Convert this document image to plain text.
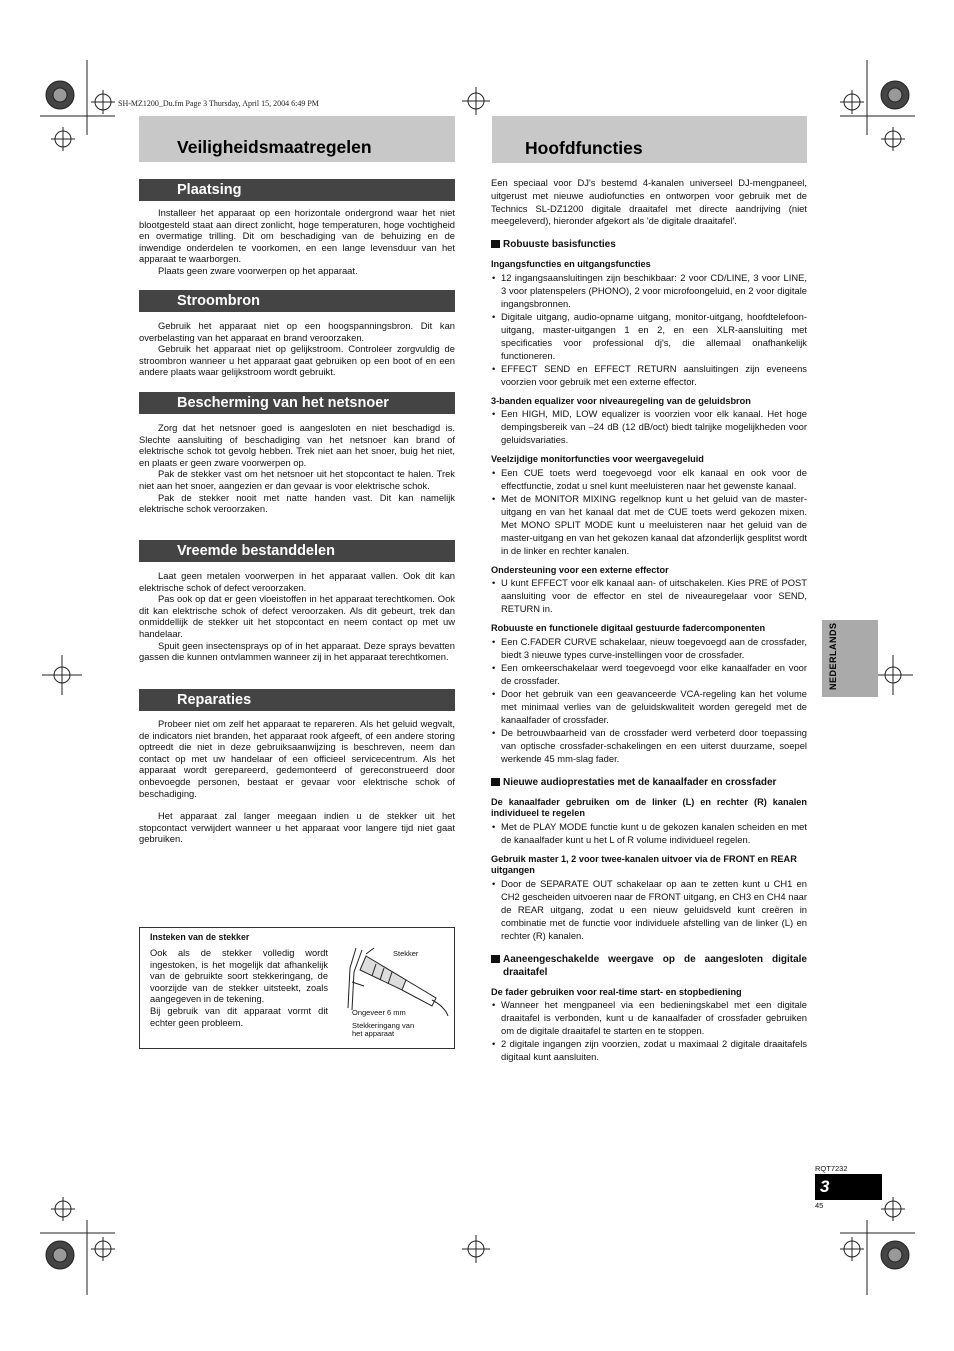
SH-MZ1200_Du.fm Page 3 Thursday, April 15, 2004 6:49 PM
Veiligheidsmaatregelen
Plaatsing

Installeer het apparaat op een horizontale ondergrond waar het niet blootgesteld staat aan direct zonlicht, hoge temperaturen, hoge vochtigheid en overmatige trilling. Dit om beschadiging van de behuizing en de inwendige onderdelen te voorkomen, en een lange levensduur van het apparaat te waarborgen.

Plaats geen zware voorwerpen op het apparaat.

Stroombron

Gebruik het apparaat niet op een hoogspanningsbron. Dit kan overbelasting van het apparaat en brand veroorzaken.

Gebruik het apparaat niet op gelijkstroom. Controleer zorgvuldig de stroombron wanneer u het apparaat gaat gebruiken op een boot of en een andere plaats waar gelijkstroom wordt gebruikt.

Bescherming van het netsnoer

Zorg dat het netsnoer goed is aangesloten en niet beschadigd is. Slechte aansluiting of beschadiging van het netsnoer kan brand of elektrische schok tot gevolg hebben. Trek niet aan het snoer, buig het niet, en plaats er geen zware voorwerpen op.

Pak de stekker vast om het netsnoer uit het stopcontact te halen. Trek niet aan het snoer, aangezien er dan gevaar is voor elektrische schok.

Pak de stekker nooit met natte handen vast. Dit kan namelijk elektrische schok veroorzaken.

Vreemde bestanddelen

Laat geen metalen voorwerpen in het apparaat vallen. Ook dit kan elektrische schok of defect veroorzaken.

Pas ook op dat er geen vloeistoffen in het apparaat terechtkomen. Ook dit kan elektrische schok of defect veroorzaken. Als dit gebeurt, trek dan onmiddellijk de stekker uit het stopcontact en neem contact op met uw handelaar.

Spuit geen insectensprays op of in het apparaat. Deze sprays bevatten gassen die kunnen ontvlammen wanneer zij in het apparaat terechtkomen.

Reparaties

Probeer niet om zelf het apparaat te repareren. Als het geluid wegvalt, de indicators niet branden, het apparaat rook afgeeft, of een andere storing optreedt die niet in deze gebruiksaanwijzing is beschreven, neem dan contact op met uw handelaar of een officieel servicecentrum. Als het apparaat wordt gerepareerd, gedemonteerd of gereconstrueerd door onbevoegde personen, bestaat er gevaar voor elektrische schok of beschadiging.

Het apparaat zal langer meegaan indien u de stekker uit het stopcontact verwijdert wanneer u het apparaat voor langere tijd niet gaat gebruiken.

Insteken van de stekker

Ook als de stekker volledig wordt ingestoken, is het mogelijk dat afhankelijk van de gebruikte soort stekkeringang, de voorzijde van de stekker uitsteekt, zoals aangegeven in de tekening.

Bij gebruik van dit apparaat vormt dit echter geen probleem.

Stekker
Ongeveer 6 mm
Stekkeringang van
het apparaat
Hoofdfuncties

Een speciaal voor DJ's bestemd 4-kanalen universeel DJ-mengpaneel, uitgerust met nieuwe audiofuncties en ontworpen voor gebruik met de Technics SL-DZ1200 digitale draaitafel met directe aandrijving (niet meegeleverd), hieronder afgekort als 'de digitale draaitafel'.

Robuuste basisfuncties
Ingangsfuncties en uitgangsfuncties
• 12 ingangsaansluitingen zijn beschikbaar: 2 voor CD/LINE, 3 voor LINE, 3 voor platenspelers (PHONO), 2 voor microfoongeluid, en 2 voor digitale ingangsbronnen.
• Digitale uitgang, audio-opname uitgang, monitor-uitgang, hoofdtelefoon-uitgang, master-uitgangen 1 en 2, en een XLR-aansluiting met specificaties voor professional dj's, die allemaal onafhankelijk functioneren.
• EFFECT SEND en EFFECT RETURN aansluitingen zijn eveneens voorzien voor gebruik met een externe effector.
3-banden equalizer voor niveauregeling van de geluidsbron
• Een HIGH, MID, LOW equalizer is voorzien voor elk kanaal. Het hoge dempingsbereik van –24 dB (12 dB/oct) biedt talrijke mogelijkheden voor geluidsvariaties.
Veelzijdige monitorfuncties voor weergavegeluid
• Een CUE toets werd toegevoegd voor elk kanaal en ook voor de effectfunctie, zodat u snel kunt meeluisteren naar het gewenste kanaal.
• Met de MONITOR MIXING regelknop kunt u het geluid van de master-uitgang en van het kanaal dat met de CUE toets werd gekozen mixen. Met MONO SPLIT MODE kunt u meeluisteren naar het geluid van de master-uitgang en van het gekozen kanaal dat afzonderlijk gesplitst wordt in de linker en rechter kanalen.
Ondersteuning voor een externe effector
• U kunt EFFECT voor elk kanaal aan- of uitschakelen. Kies PRE of POST aansluiting voor de effector en stel de niveauregelaar voor SEND, RETURN in.
Robuuste en functionele digitaal gestuurde fadercomponenten
• Een C.FADER CURVE schakelaar, nieuw toegevoegd aan de crossfader, biedt 3 nieuwe types curve-instellingen voor de crossfader.
• Een omkeerschakelaar werd toegevoegd voor elke kanaalfader en voor de crossfader.
• Door het gebruik van een geavanceerde VCA-regeling kan het volume met minimaal verlies van de geluidskwaliteit worden geregeld met de kanaalfader of crossfader.
• De betrouwbaarheid van de crossfader werd verbeterd door toepassing van optische crossfader-schakelingen en een uiterst duurzame, soepel werkende 45 mm-slag fader.
Nieuwe audioprestaties met de kanaalfader en crossfader
De kanaalfader gebruiken om de linker (L) en rechter (R) kanalen individueel te regelen
• Met de PLAY MODE functie kunt u de gekozen kanalen scheiden en met de kanaalfader kunt u het L of R volume individueel regelen.
Gebruik master 1, 2 voor twee-kanalen uitvoer via de FRONT en REAR uitgangen
• Door de SEPARATE OUT schakelaar op aan te zetten kunt u CH1 en CH2 gescheiden uitvoeren naar de FRONT uitgang, en CH3 en CH4 naar de REAR uitgang, zodat u een nieuw geluidsveld kunt creëren in combinatie met de functie voor individuele afstelling van de linker (L) en rechter (R) kanalen.
Aaneengeschakelde weergave op de aangesloten digitale draaitafel
De fader gebruiken voor real-time start- en stopbediening
• Wanneer het mengpaneel via een bedieningskabel met een digitale draaitafel is verbonden, kunt u de kanaalfader of crossfader gebruiken om de digitale draaitafel te starten en te stoppen.
• 2 digitale ingangen zijn voorzien, zodat u maximaal 2 digitale draaitafels digitaal kunt aansluiten.
NEDERLANDS
RQT7232
3
45
